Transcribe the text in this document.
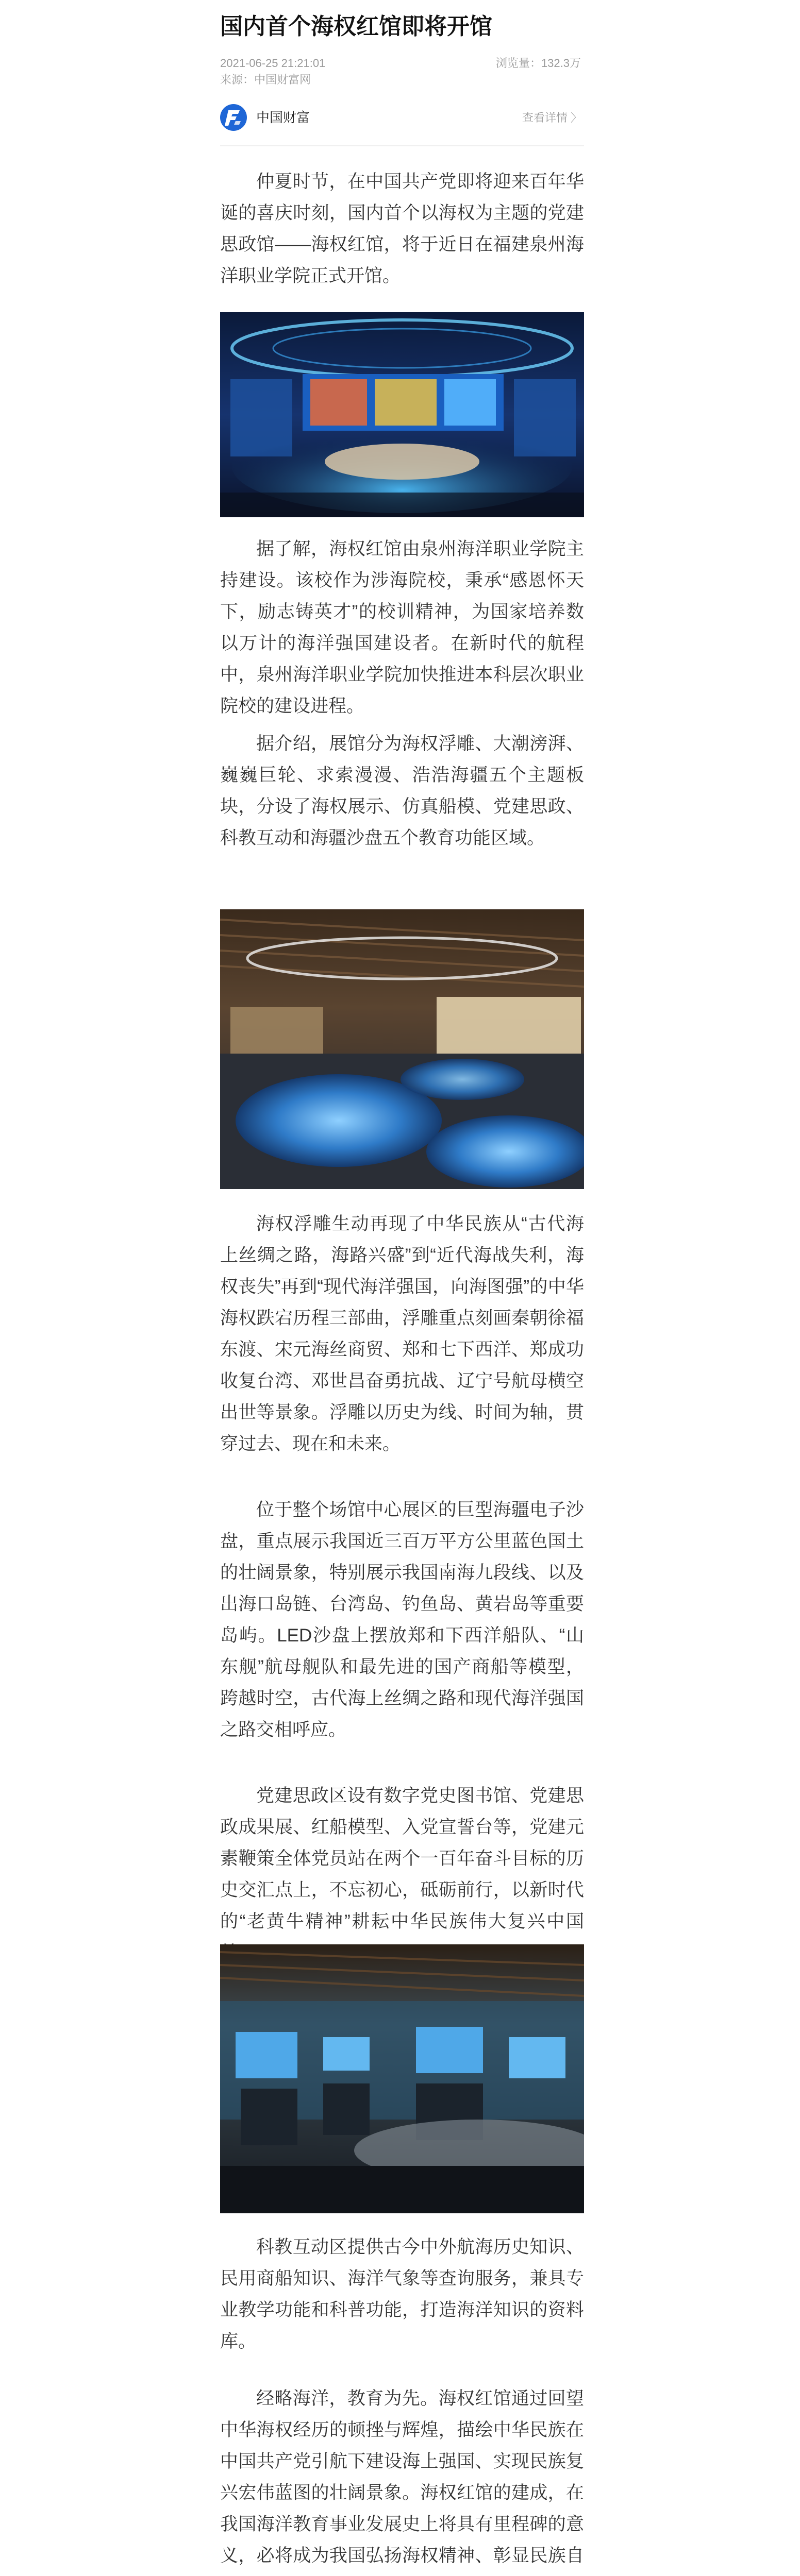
国内首个海权红馆即将开馆
2021-06-25 21:21:01	浏览量：132.3万
来源：中国财富网
中国财富	查看详情 〉

仲夏时节，在中国共产党即将迎来百年华诞的喜庆时刻，国内首个以海权为主题的党建思政馆——海权红馆，将于近日在福建泉州海洋职业学院正式开馆。

据了解，海权红馆由泉州海洋职业学院主持建设。该校作为涉海院校，秉承“感恩怀天下，励志铸英才”的校训精神，为国家培养数以万计的海洋强国建设者。在新时代的航程中，泉州海洋职业学院加快推进本科层次职业院校的建设进程。

据介绍，展馆分为海权浮雕、大潮滂湃、巍巍巨轮、求索漫漫、浩浩海疆五个主题板块，分设了海权展示、仿真船模、党建思政、科教互动和海疆沙盘五个教育功能区域。

海权浮雕生动再现了中华民族从“古代海上丝绸之路，海路兴盛”到“近代海战失利，海权丧失”再到“现代海洋强国，向海图强”的中华海权跌宕历程三部曲，浮雕重点刻画秦朝徐福东渡、宋元海丝商贸、郑和七下西洋、郑成功收复台湾、邓世昌奋勇抗战、辽宁号航母横空出世等景象。浮雕以历史为线、时间为轴，贯穿过去、现在和未来。

位于整个场馆中心展区的巨型海疆电子沙盘，重点展示我国近三百万平方公里蓝色国土的壮阔景象，特别展示我国南海九段线、以及出海口岛链、台湾岛、钓鱼岛、黄岩岛等重要岛屿。LED沙盘上摆放郑和下西洋船队、“山东舰”航母舰队和最先进的国产商船等模型，跨越时空，古代海上丝绸之路和现代海洋强国之路交相呼应。

党建思政区设有数字党史图书馆、党建思政成果展、红船模型、入党宣誓台等，党建元素鞭策全体党员站在两个一百年奋斗目标的历史交汇点上，不忘初心，砥砺前行，以新时代的“老黄牛精神”耕耘中华民族伟大复兴中国

科教互动区提供古今中外航海历史知识、民用商船知识、海洋气象等查询服务，兼具专业教学功能和科普功能，打造海洋知识的资料库。

经略海洋，教育为先。海权红馆通过回望中华海权经历的顿挫与辉煌，描绘中华民族在中国共产党引航下建设海上强国、实现民族复兴宏伟蓝图的壮阔景象。海权红馆的建成，在我国海洋教育事业发展史上将具有里程碑的意义，必将成为我国弘扬海权精神、彰显民族自
